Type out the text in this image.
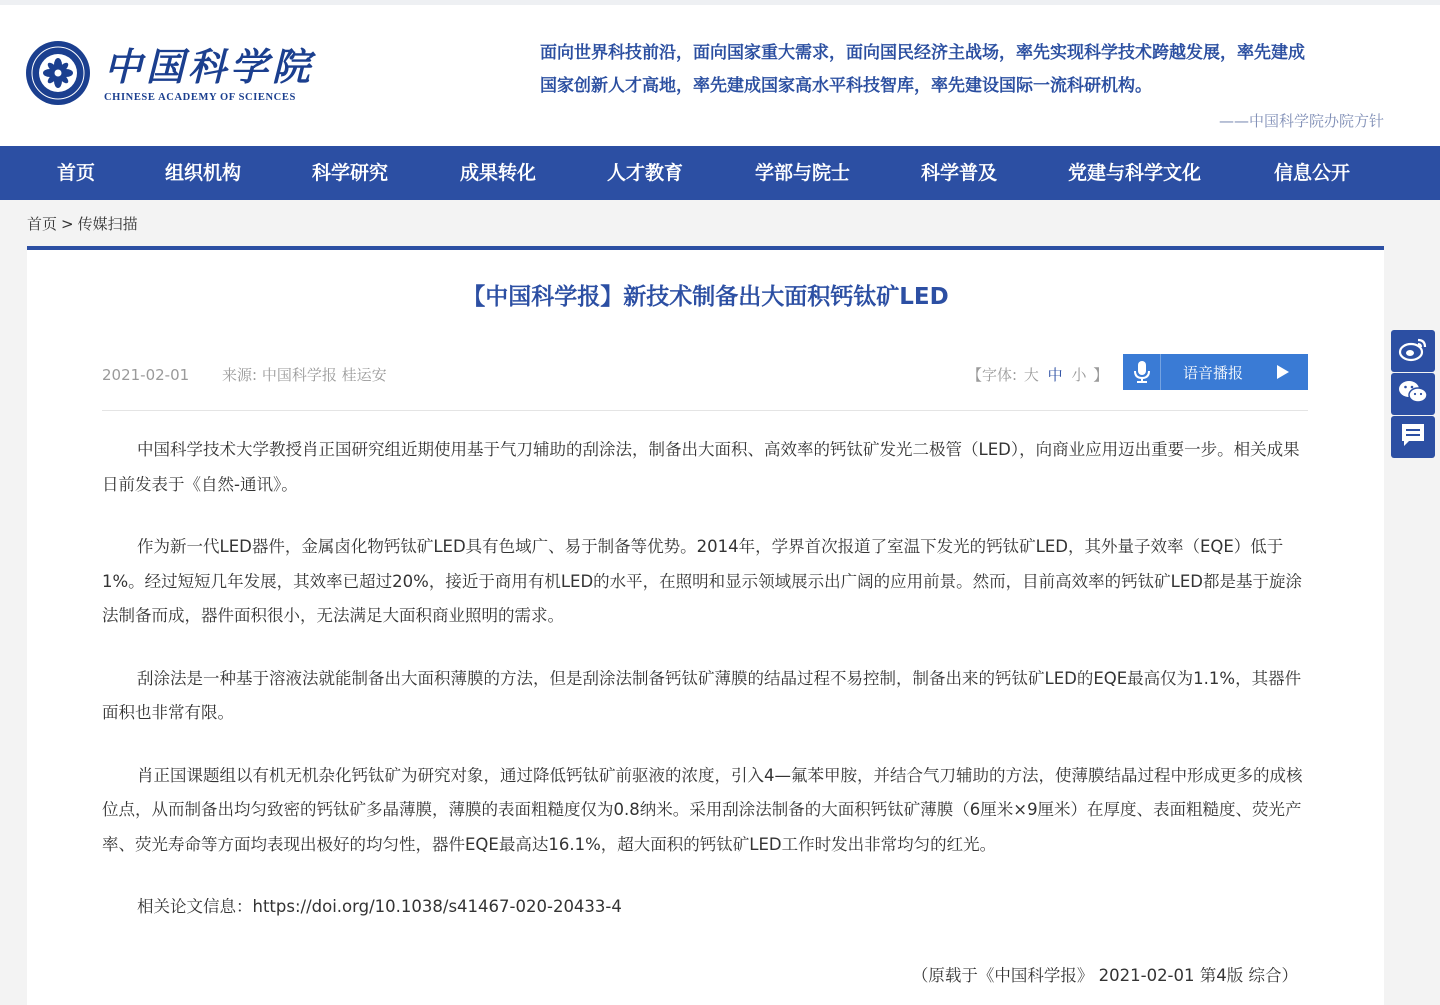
中国科学院
CHINESE ACADEMY OF SCIENCES
面向世界科技前沿，面向国家重大需求，面向国民经济主战场，率先实现科学技术跨越发展，率先建成
国家创新人才高地，率先建成国家高水平科技智库，率先建设国际一流科研机构。
——中国科学院办院方针
首页	组织机构	科学研究	成果转化	人才教育	学部与院士	科学普及	党建与科学文化	信息公开
首页 > 传媒扫描
【中国科学报】新技术制备出大面积钙钛矿LED
2021-02-01 来源: 中国科学报 桂运安	【字体: 大 中 小 】	语音播报

中国科学技术大学教授肖正国研究组近期使用基于气刀辅助的刮涂法，制备出大面积、高效率的钙钛矿发光二极管（LED），向商业应用迈出重要一步。相关成果日前发表于《自然-通讯》。

作为新一代LED器件，金属卤化物钙钛矿LED具有色域广、易于制备等优势。2014年，学界首次报道了室温下发光的钙钛矿LED，其外量子效率（EQE）低于1%。经过短短几年发展，其效率已超过20%，接近于商用有机LED的水平，在照明和显示领域展示出广阔的应用前景。然而，目前高效率的钙钛矿LED都是基于旋涂法制备而成，器件面积很小，无法满足大面积商业照明的需求。

刮涂法是一种基于溶液法就能制备出大面积薄膜的方法，但是刮涂法制备钙钛矿薄膜的结晶过程不易控制，制备出来的钙钛矿LED的EQE最高仅为1.1%，其器件面积也非常有限。

肖正国课题组以有机无机杂化钙钛矿为研究对象，通过降低钙钛矿前驱液的浓度，引入4—氟苯甲胺，并结合气刀辅助的方法，使薄膜结晶过程中形成更多的成核位点，从而制备出均匀致密的钙钛矿多晶薄膜，薄膜的表面粗糙度仅为0.8纳米。采用刮涂法制备的大面积钙钛矿薄膜（6厘米×9厘米）在厚度、表面粗糙度、荧光产率、荧光寿命等方面均表现出极好的均匀性，器件EQE最高达16.1%，超大面积的钙钛矿LED工作时发出非常均匀的红光。

相关论文信息：https://doi.org/10.1038/s41467-020-20433-4

（原载于《中国科学报》 2021-02-01 第4版 综合）
